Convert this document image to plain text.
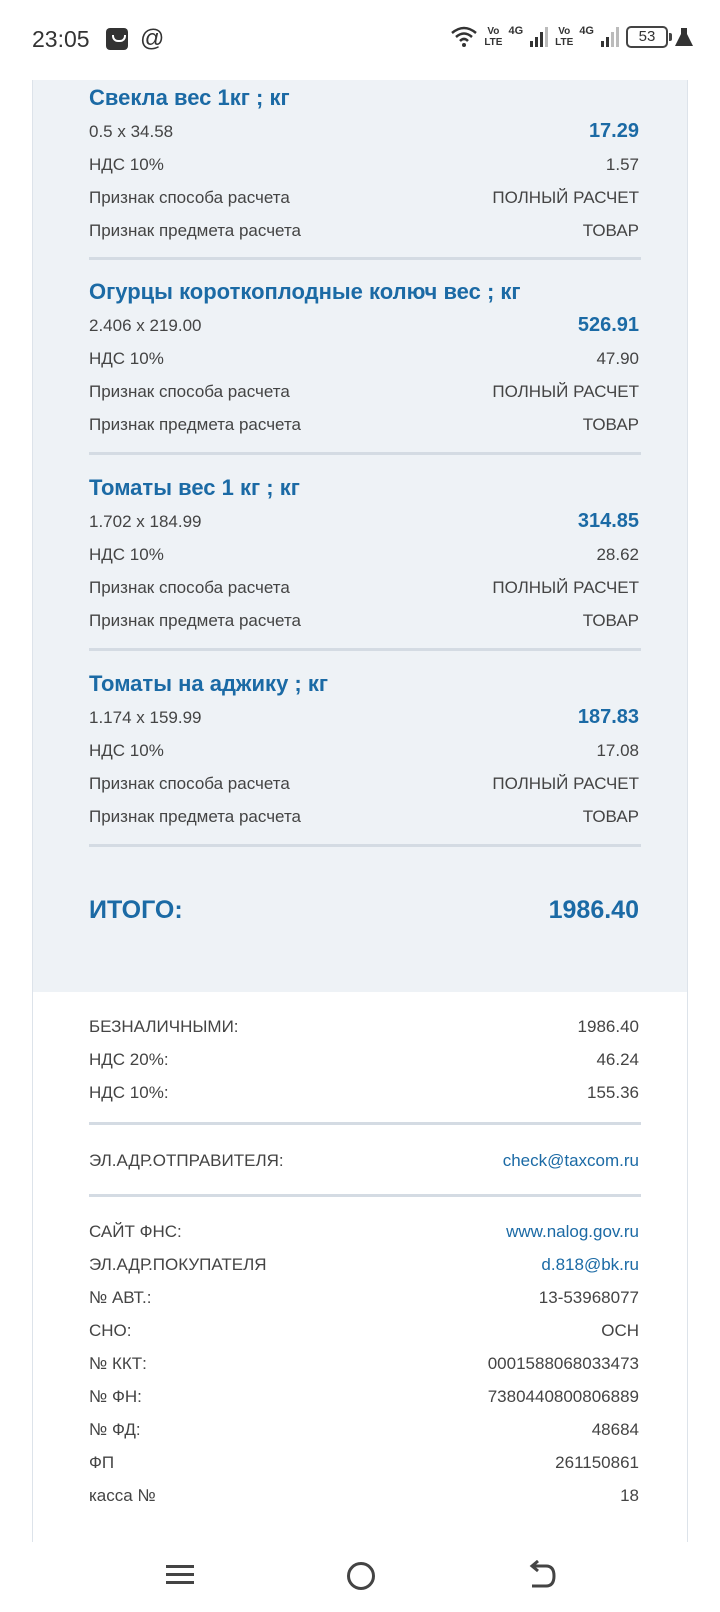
23:05 @	Vo
LTE
4G	Vo
LTE
4G	53
Свекла вес 1кг ; кг
0.5 x 34.58	17.29
НДС 10%	1.57
Признак способа расчета	ПОЛНЫЙ РАСЧЕТ
Признак предмета расчета	ТОВАР
Огурцы короткоплодные колюч вес ; кг
2.406 x 219.00	526.91
НДС 10%	47.90
Признак способа расчета	ПОЛНЫЙ РАСЧЕТ
Признак предмета расчета	ТОВАР
Томаты вес 1 кг ; кг
1.702 x 184.99	314.85
НДС 10%	28.62
Признак способа расчета	ПОЛНЫЙ РАСЧЕТ
Признак предмета расчета	ТОВАР
Томаты на аджику ; кг
1.174 x 159.99	187.83
НДС 10%	17.08
Признак способа расчета	ПОЛНЫЙ РАСЧЕТ
Признак предмета расчета	ТОВАР
ИТОГО:	1986.40
БЕЗНАЛИЧНЫМИ:	1986.40
НДС 20%:	46.24
НДС 10%:	155.36
ЭЛ.АДР.ОТПРАВИТЕЛЯ:	check@taxcom.ru
САЙТ ФНС:	www.nalog.gov.ru
ЭЛ.АДР.ПОКУПАТЕЛЯ	d.818@bk.ru
№ АВТ.:	13-53968077
СНО:	ОСН
№ ККТ:	0001588068033473
№ ФН:	7380440800806889
№ ФД:	48684
ФП	261150861
касса №	18
